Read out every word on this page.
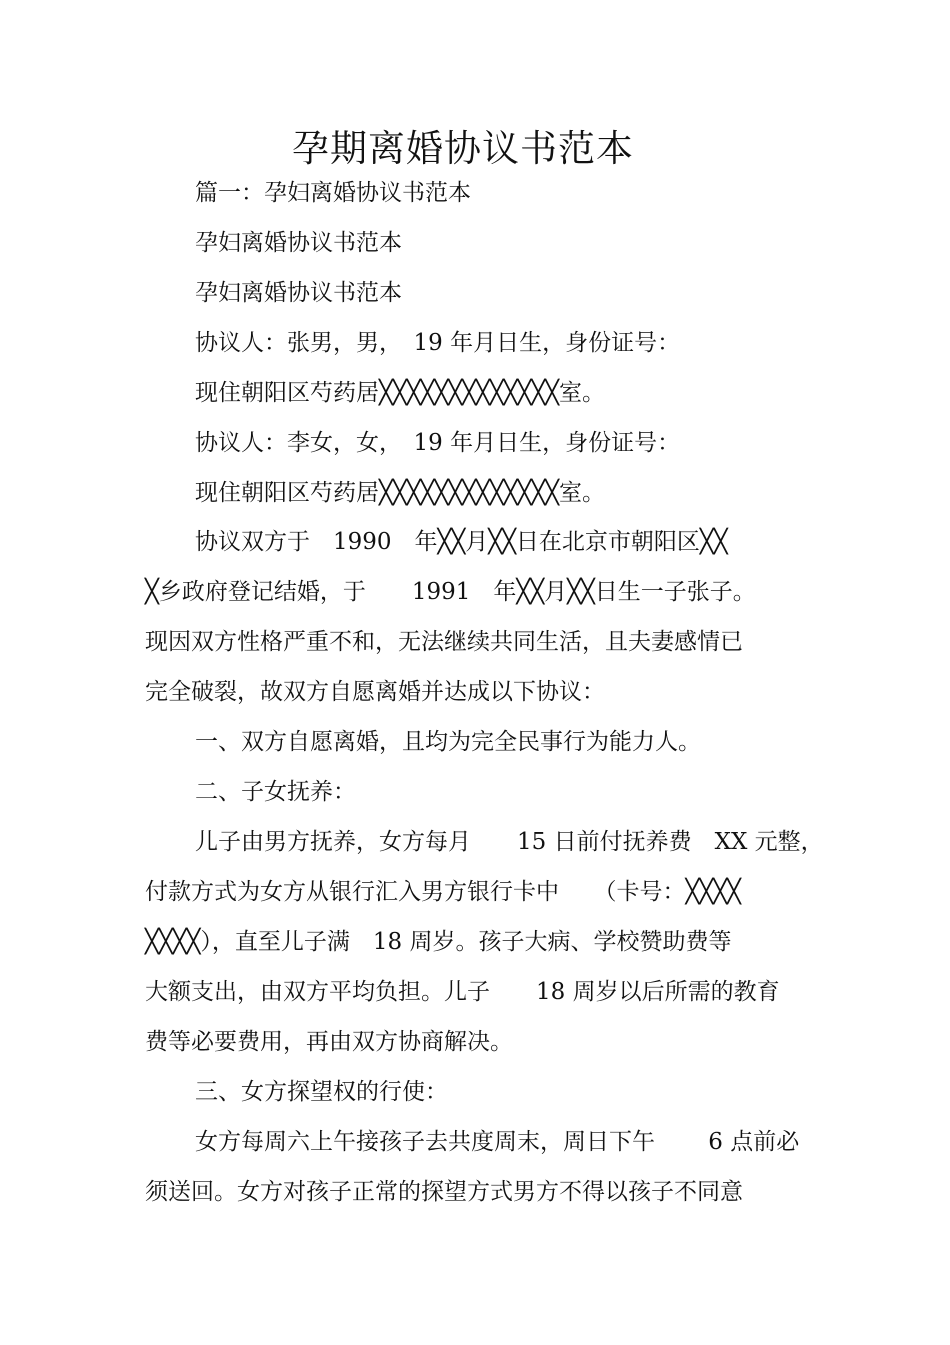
孕期离婚协议书范本
篇一：孕妇离婚协议书范本
孕妇离婚协议书范本
孕妇离婚协议书范本
协议人：张男，男，　19 年月日生，身份证号：
现住朝阳区芍药居╳╳╳╳╳╳╳╳╳╳╳╳╳室。
协议人：李女，女，　19 年月日生，身份证号：
现住朝阳区芍药居╳╳╳╳╳╳╳╳╳╳╳╳╳室。
协议双方于　1990　年╳╳月╳╳日在北京市朝阳区╳╳
╳乡政府登记结婚，于　　1991　年╳╳月╳╳日生一子张子。
现因双方性格严重不和，无法继续共同生活，且夫妻感情已
完全破裂，故双方自愿离婚并达成以下协议：
一、双方自愿离婚，且均为完全民事行为能力人。
二、子女抚养：
儿子由男方抚养，女方每月　　15 日前付抚养费　XX 元整，
付款方式为女方从银行汇入男方银行卡中　　（卡号：╳╳╳╳
╳╳╳╳），直至儿子满　18 周岁。孩子大病、学校赞助费等
大额支出，由双方平均负担。儿子　　18 周岁以后所需的教育
费等必要费用，再由双方协商解决。
三、女方探望权的行使：
女方每周六上午接孩子去共度周末，周日下午　　 6 点前必
须送回。女方对孩子正常的探望方式男方不得以孩子不同意
